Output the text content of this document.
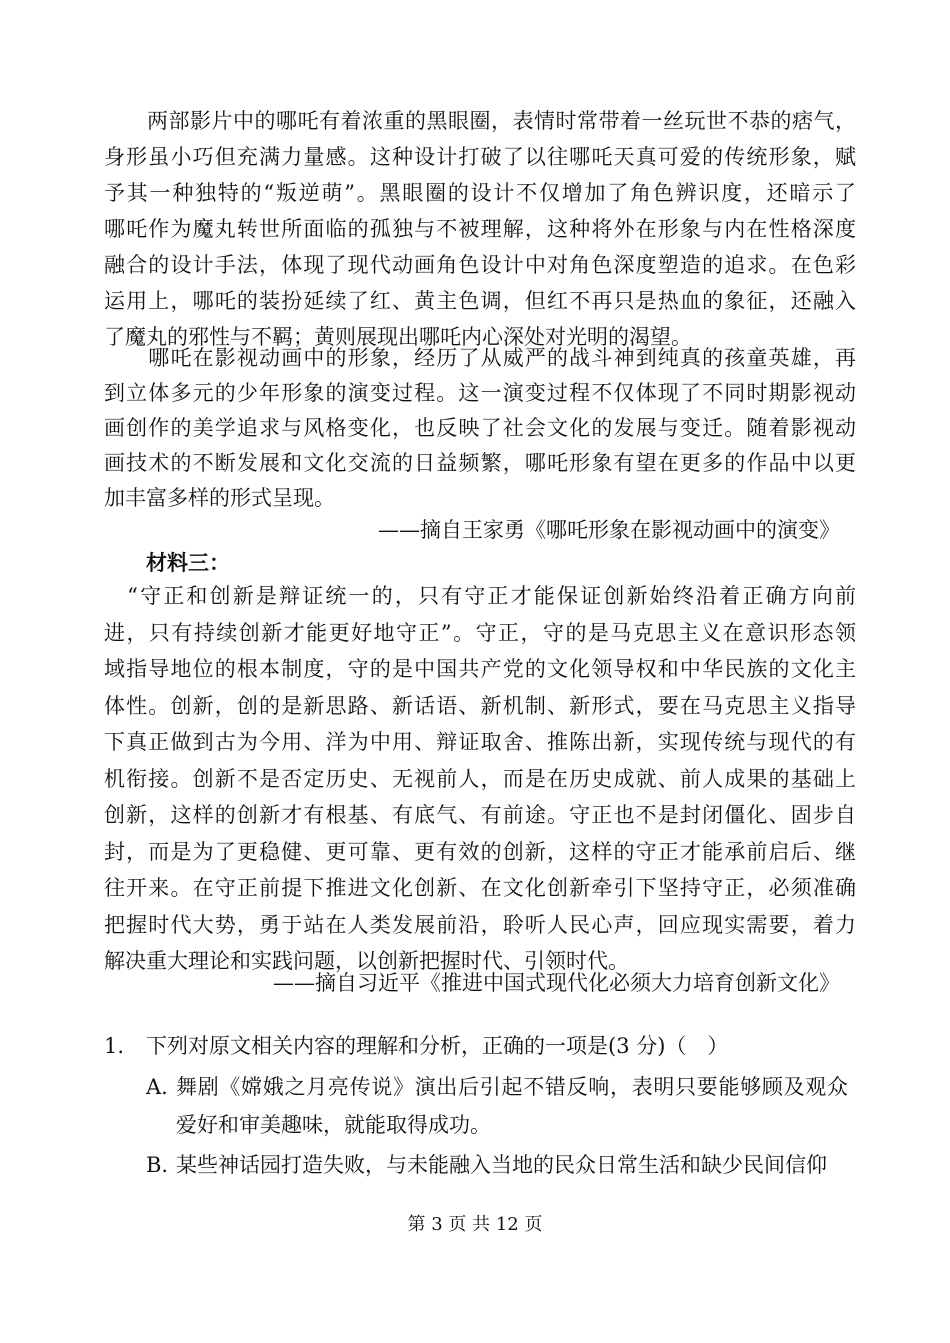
　　两部影片中的哪吒有着浓重的黑眼圈，表情时常带着一丝玩世不恭的痞气，
身形虽小巧但充满力量感。这种设计打破了以往哪吒天真可爱的传统形象，赋
予其一种独特的“叛逆萌”。黑眼圈的设计不仅增加了角色辨识度，还暗示了
哪吒作为魔丸转世所面临的孤独与不被理解，这种将外在形象与内在性格深度
融合的设计手法，体现了现代动画角色设计中对角色深度塑造的追求。在色彩
运用上，哪吒的装扮延续了红、黄主色调，但红不再只是热血的象征，还融入
了魔丸的邪性与不羁；黄则展现出哪吒内心深处对光明的渴望。
　　哪吒在影视动画中的形象，经历了从威严的战斗神到纯真的孩童英雄，再
到立体多元的少年形象的演变过程。这一演变过程不仅体现了不同时期影视动
画创作的美学追求与风格变化，也反映了社会文化的发展与变迁。随着影视动
画技术的不断发展和文化交流的日益频繁，哪吒形象有望在更多的作品中以更
加丰富多样的形式呈现。
——摘自王家勇《哪吒形象在影视动画中的演变》
材料三：
　“守正和创新是辩证统一的，只有守正才能保证创新始终沿着正确方向前
进，只有持续创新才能更好地守正”。守正，守的是马克思主义在意识形态领
域指导地位的根本制度，守的是中国共产党的文化领导权和中华民族的文化主
体性。创新，创的是新思路、新话语、新机制、新形式，要在马克思主义指导
下真正做到古为今用、洋为中用、辩证取舍、推陈出新，实现传统与现代的有
机衔接。创新不是否定历史、无视前人，而是在历史成就、前人成果的基础上
创新，这样的创新才有根基、有底气、有前途。守正也不是封闭僵化、固步自
封，而是为了更稳健、更可靠、更有效的创新，这样的守正才能承前启后、继
往开来。在守正前提下推进文化创新、在文化创新牵引下坚持守正，必须准确
把握时代大势，勇于站在人类发展前沿，聆听人民心声，回应现实需要，着力
解决重大理论和实践问题，以创新把握时代、引领时代。
——摘自习近平《推进中国式现代化必须大力培育创新文化》
1. 下列对原文相关内容的理解和分析，正确的一项是(3 分)（　）
A. 舞剧《嫦娥之月亮传说》演出后引起不错反响，表明只要能够顾及观众
爱好和审美趣味，就能取得成功。
B. 某些神话园打造失败，与未能融入当地的民众日常生活和缺少民间信仰
第 3 页 共 12 页
